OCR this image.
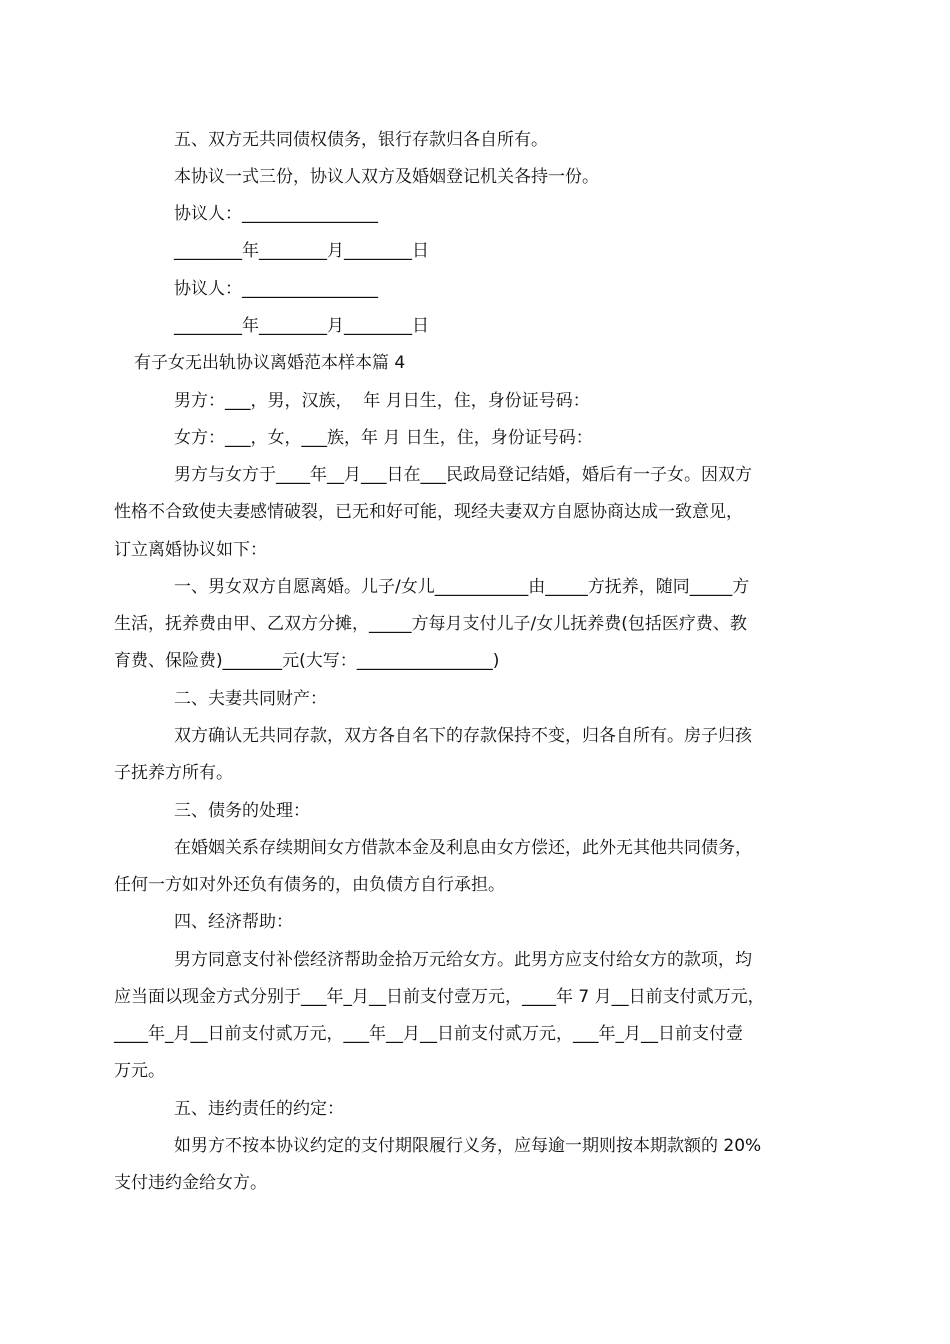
五、双方无共同债权债务，银行存款归各自所有。
本协议一式三份，协议人双方及婚姻登记机关各持一份。
协议人：________________
________年________月________日
协议人：________________
________年________月________日
有子女无出轨协议离婚范本样本篇 4
男方：___，男，汉族，  年 月日生，住，身份证号码：
女方：___，女，___族，年 月 日生，住，身份证号码：
男方与女方于____年__月___日在___民政局登记结婚，婚后有一子女。因双方
性格不合致使夫妻感情破裂，已无和好可能，现经夫妻双方自愿协商达成一致意见，
订立离婚协议如下：
一、男女双方自愿离婚。儿子/女儿___________由_____方抚养，随同_____方
生活，抚养费由甲、乙双方分摊，_____方每月支付儿子/女儿抚养费(包括医疗费、教
育费、保险费)_______元(大写：________________)
二、夫妻共同财产：
双方确认无共同存款，双方各自名下的存款保持不变，归各自所有。房子归孩
子抚养方所有。
三、债务的处理：
在婚姻关系存续期间女方借款本金及利息由女方偿还，此外无其他共同债务，
任何一方如对外还负有债务的，由负债方自行承担。
四、经济帮助：
男方同意支付补偿经济帮助金拾万元给女方。此男方应支付给女方的款项，均
应当面以现金方式分别于___年_月__日前支付壹万元，____年 7 月__日前支付贰万元，
____年_月__日前支付贰万元，___年__月__日前支付贰万元，___年_月__日前支付壹
万元。
五、违约责任的约定：
如男方不按本协议约定的支付期限履行义务，应每逾一期则按本期款额的 20%
支付违约金给女方。
